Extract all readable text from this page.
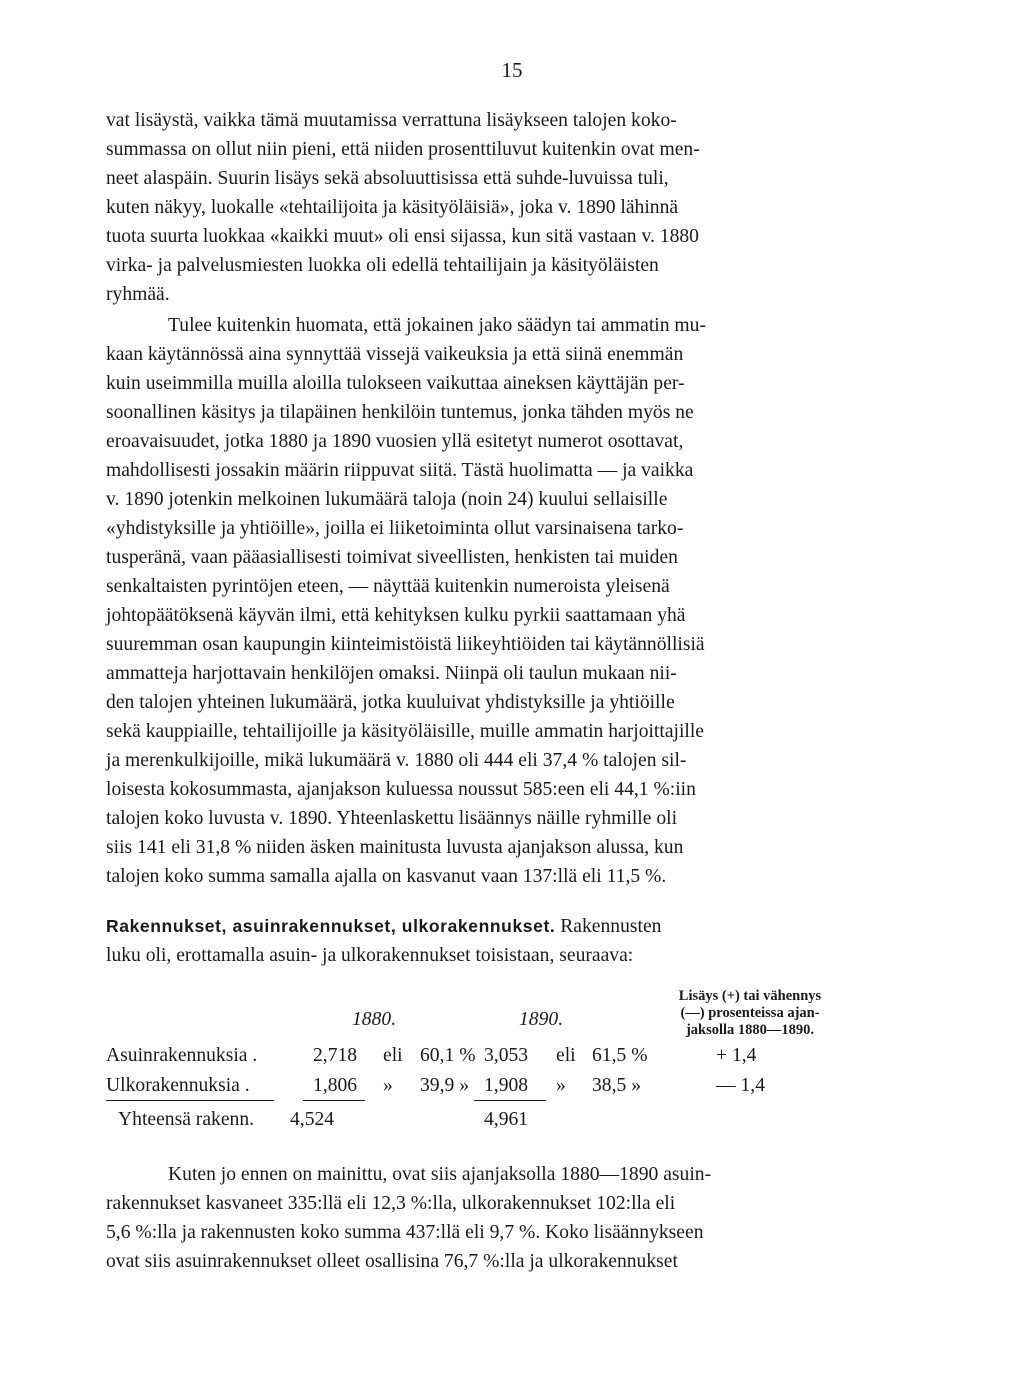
15
vat lisäystä, vaikka tämä muutamissa verrattuna lisäykseen talojen koko-
summassa on ollut niin pieni, että niiden prosenttiluvut kuitenkin ovat men-
neet alaspäin. Suurin lisäys sekä absoluuttisissa että suhde-luvuissa tuli,
kuten näkyy, luokalle «tehtailijoita ja käsityöläisiä», joka v. 1890 lähinnä
tuota suurta luokkaa «kaikki muut» oli ensi sijassa, kun sitä vastaan v. 1880
virka- ja palvelusmiesten luokka oli edellä tehtailijain ja käsityöläisten
ryhmää.
Tulee kuitenkin huomata, että jokainen jako säädyn tai ammatin mu-
kaan käytännössä aina synnyttää vissejä vaikeuksia ja että siinä enemmän
kuin useimmilla muilla aloilla tulokseen vaikuttaa aineksen käyttäjän per-
soonallinen käsitys ja tilapäinen henkilöin tuntemus, jonka tähden myös ne
eroavaisuudet, jotka 1880 ja 1890 vuosien yllä esitetyt numerot osottavat,
mahdollisesti jossakin määrin riippuvat siitä. Tästä huolimatta — ja vaikka
v. 1890 jotenkin melkoinen lukumäärä taloja (noin 24) kuului sellaisille
«yhdistyksille ja yhtiöille», joilla ei liiketoiminta ollut varsinaisena tarko-
tusperänä, vaan pääasiallisesti toimivat siveellisten, henkisten tai muiden
senkaltaisten pyrintöjen eteen, — näyttää kuitenkin numeroista yleisenä
johtopäätöksenä käyvän ilmi, että kehityksen kulku pyrkii saattamaan yhä
suuremman osan kaupungin kiinteimistöistä liikeyhtiöiden tai käytännöllisiä
ammatteja harjottavain henkilöjen omaksi. Niinpä oli taulun mukaan nii-
den talojen yhteinen lukumäärä, jotka kuuluivat yhdistyksille ja yhtiöille
sekä kauppiaille, tehtailijoille ja käsityöläisille, muille ammatin harjoittajille
ja merenkulkijoille, mikä lukumäärä v. 1880 oli 444 eli 37,4 % talojen sil-
loisesta kokosummasta, ajanjakson kuluessa noussut 585:een eli 44,1 %:iin
talojen koko luvusta v. 1890. Yhteenlaskettu lisäännys näille ryhmille oli
siis 141 eli 31,8 % niiden äsken mainitusta luvusta ajanjakson alussa, kun
talojen koko summa samalla ajalla on kasvanut vaan 137:llä eli 11,5 %.
Rakennukset, asuinrakennukset, ulkorakennukset. Rakennusten
luku oli, erottamalla asuin- ja ulkorakennukset toisistaan, seuraava:
Lisäys (+) tai vähennys
(—) prosenteissa ajan-
jaksolla 1880—1890.
1880.	1890.
Asuinrakennuksia .	2,718 eli 60,1 % 3,053 eli 61,5 %	+ 1,4
Ulkorakennuksia .	1,806 » 39,9 » 1,908 » 38,5 »	— 1,4
Yhteensä rakenn. 4,524	4,961
Kuten jo ennen on mainittu, ovat siis ajanjaksolla 1880—1890 asuin-
rakennukset kasvaneet 335:llä eli 12,3 %:lla, ulkorakennukset 102:lla eli
5,6 %:lla ja rakennusten koko summa 437:llä eli 9,7 %. Koko lisäännykseen
ovat siis asuinrakennukset olleet osallisina 76,7 %:lla ja ulkorakennukset
